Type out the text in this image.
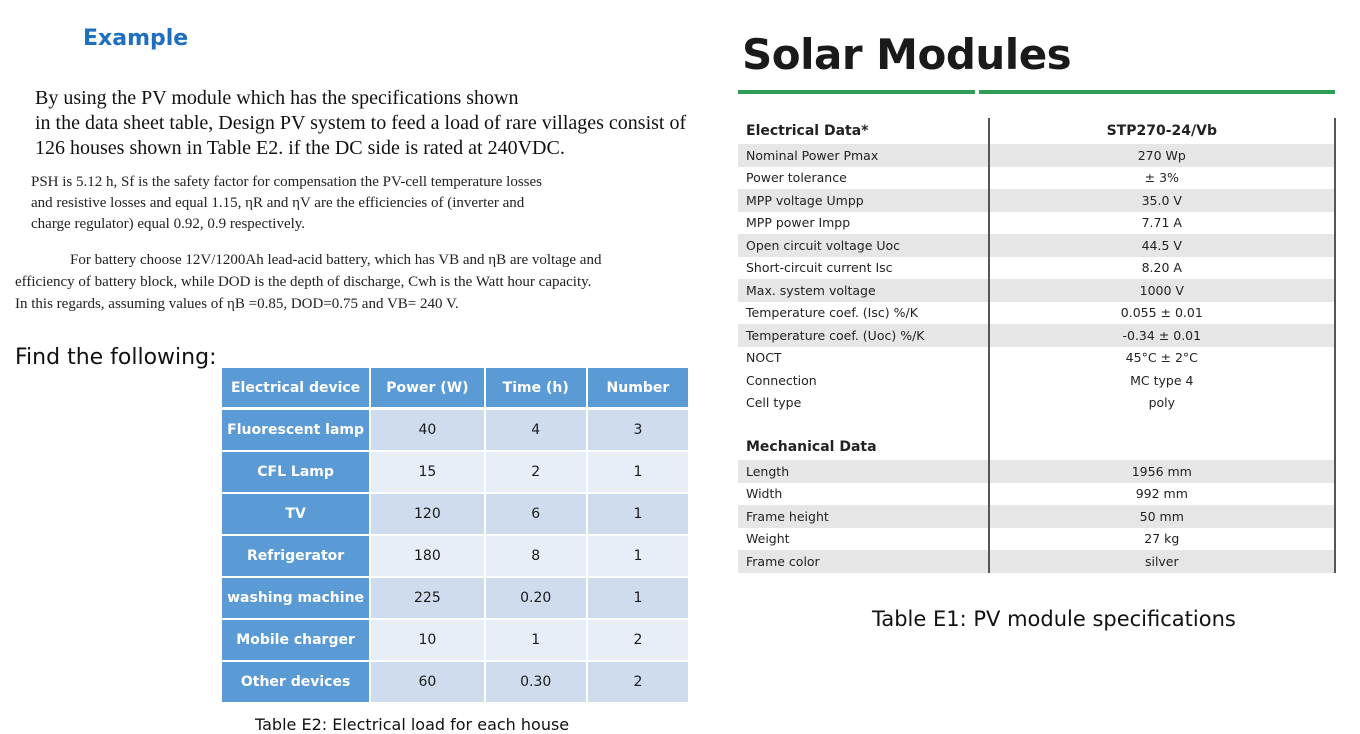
Example
By using the PV module which has the specifications shown
in the data sheet table, Design PV system to feed a load of rare villages consist of
126 houses shown in Table E2. if the DC side is rated at 240VDC.
PSH is 5.12 h, Sf is the safety factor for compensation the PV-cell temperature losses
and resistive losses and equal 1.15, ηR and ηV are the efficiencies of (inverter and
charge regulator) equal 0.92, 0.9 respectively.
For battery choose 12V/1200Ah lead-acid battery, which has VB and ηB are voltage and
efficiency of battery block, while DOD is the depth of discharge, Cwh is the Watt hour capacity.
In this regards, assuming values of ηB =0.85, DOD=0.75 and VB= 240 V.
Find the following:
Electrical device	Power (W)	Time (h)	Number
Fluorescent lamp	40	4	3
CFL Lamp	15	2	1
TV	120	6	1
Refrigerator	180	8	1
washing machine	225	0.20	1
Mobile charger	10	1	2
Other devices	60	0.30	2
Table E2: Electrical load for each house
Solar Modules
Electrical Data*	STP270-24/Vb
Nominal Power Pmax	270 Wp
Power tolerance	± 3%
MPP voltage Umpp	35.0 V
MPP power Impp	7.71 A
Open circuit voltage Uoc	44.5 V
Short-circuit current Isc	8.20 A
Max. system voltage	1000 V
Temperature coef. (Isc) %/K	0.055 ± 0.01
Temperature coef. (Uoc) %/K	-0.34 ± 0.01
NOCT	45°C ± 2°C
Connection	MC type 4
Cell type	poly

Mechanical Data	
Length	1956 mm
Width	992 mm
Frame height	50 mm
Weight	27 kg
Frame color	silver
Table E1: PV module specifications
